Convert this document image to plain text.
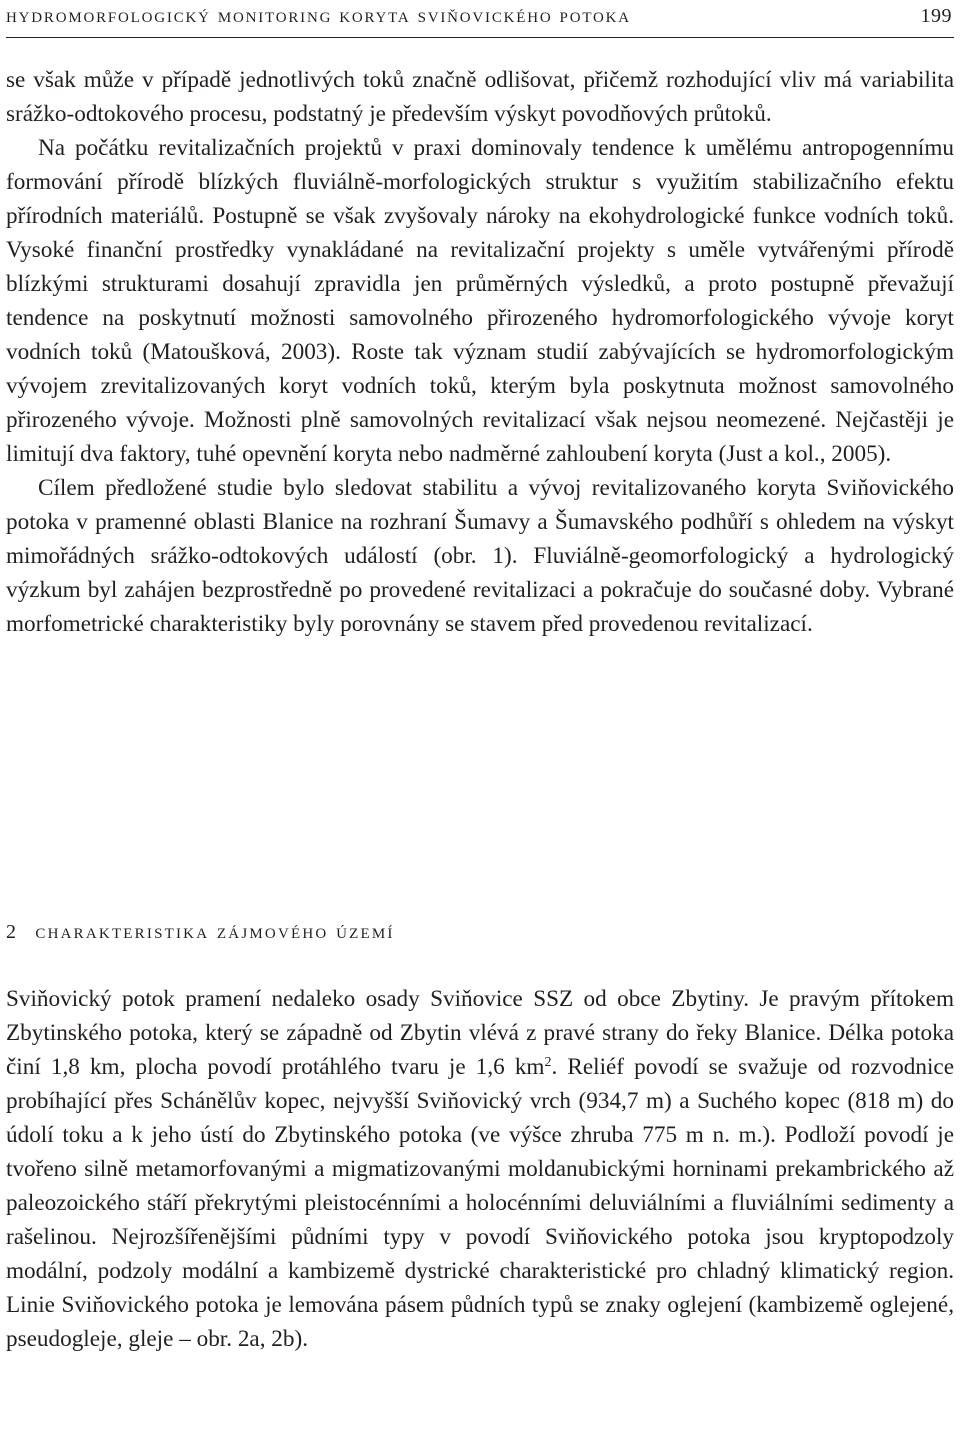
hydromorfologický monitoring koryta sviňovického potoka	199

se však může v případě jednotlivých toků značně odlišovat, přičemž rozhodující vliv má variabilita srážko-odtokového procesu, podstatný je především výskyt povodňových průtoků.
Na počátku revitalizačních projektů v praxi dominovaly tendence k umělému antropogennímu formování přírodě blízkých fluviálně-morfologických struktur s využitím stabilizačního efektu přírodních materiálů. Postupně se však zvyšovaly nároky na ekohydrologické funkce vodních toků. Vysoké finanční prostředky vynakládané na revitalizační projekty s uměle vytvářenými přírodě blízkými strukturami dosahují zpravidla jen průměrných výsledků, a proto postupně převažují tendence na poskytnutí možnosti samovolného přirozeného hydromorfologického vývoje koryt vodních toků (Matoušková, 2003). Roste tak význam studií zabývajících se hydromorfologickým vývojem zrevitalizovaných koryt vodních toků, kterým byla poskytnuta možnost samovolného přirozeného vývoje. Možnosti plně samovolných revitalizací však nejsou neomezené. Nejčastěji je limitují dva faktory, tuhé opevnění koryta nebo nadměrné zahloubení koryta (Just a kol., 2005).

Cílem předložené studie bylo sledovat stabilitu a vývoj revitalizovaného koryta Sviňovického potoka v pramenné oblasti Blanice na rozhraní Šumavy a Šumavského podhůří s ohledem na výskyt mimořádných srážko-odtokových událostí (obr. 1). Fluviálně-geomorfologický a hydrologický výzkum byl zahájen bezprostředně po provedené revitalizaci a pokračuje do současné doby. Vybrané morfometrické charakteristiky byly porovnány se stavem před provedenou revitalizací.

2 charakteristika zájmového území

Sviňovický potok pramení nedaleko osady Sviňovice SSZ od obce Zbytiny. Je pravým přítokem Zbytinského potoka, který se západně od Zbytin vlévá z pravé strany do řeky Blanice. Délka potoka činí 1,8 km, plocha povodí protáhlého tvaru je 1,6 $km^2$. Reliéf povodí se svažuje od rozvodnice probíhající přes Schánělův kopec, nejvyšší Sviňovický vrch (934,7 m) a Suchého kopec (818 m) do údolí toku a k jeho ústí do Zbytinského potoka (ve výšce zhruba 775 m n. m.). Podloží povodí je tvořeno silně metamorfovanými a migmatizovanými moldanubickými horninami prekambrického až paleozoického stáří překrytými pleistocénními a holocénními deluviálními a fluviálními sedimenty a rašelinou. Nejrozšířenějšími půdními typy v povodí Sviňovického potoka jsou kryptopodzoly modální, podzoly modální a kambizemě dystrické charakteristické pro chladný klimatický region. Linie Sviňovického potoka je lemována pásem půdních typů se znaky oglejení (kambizemě oglejené, pseudogleje, gleje – obr. 2a, 2b).
